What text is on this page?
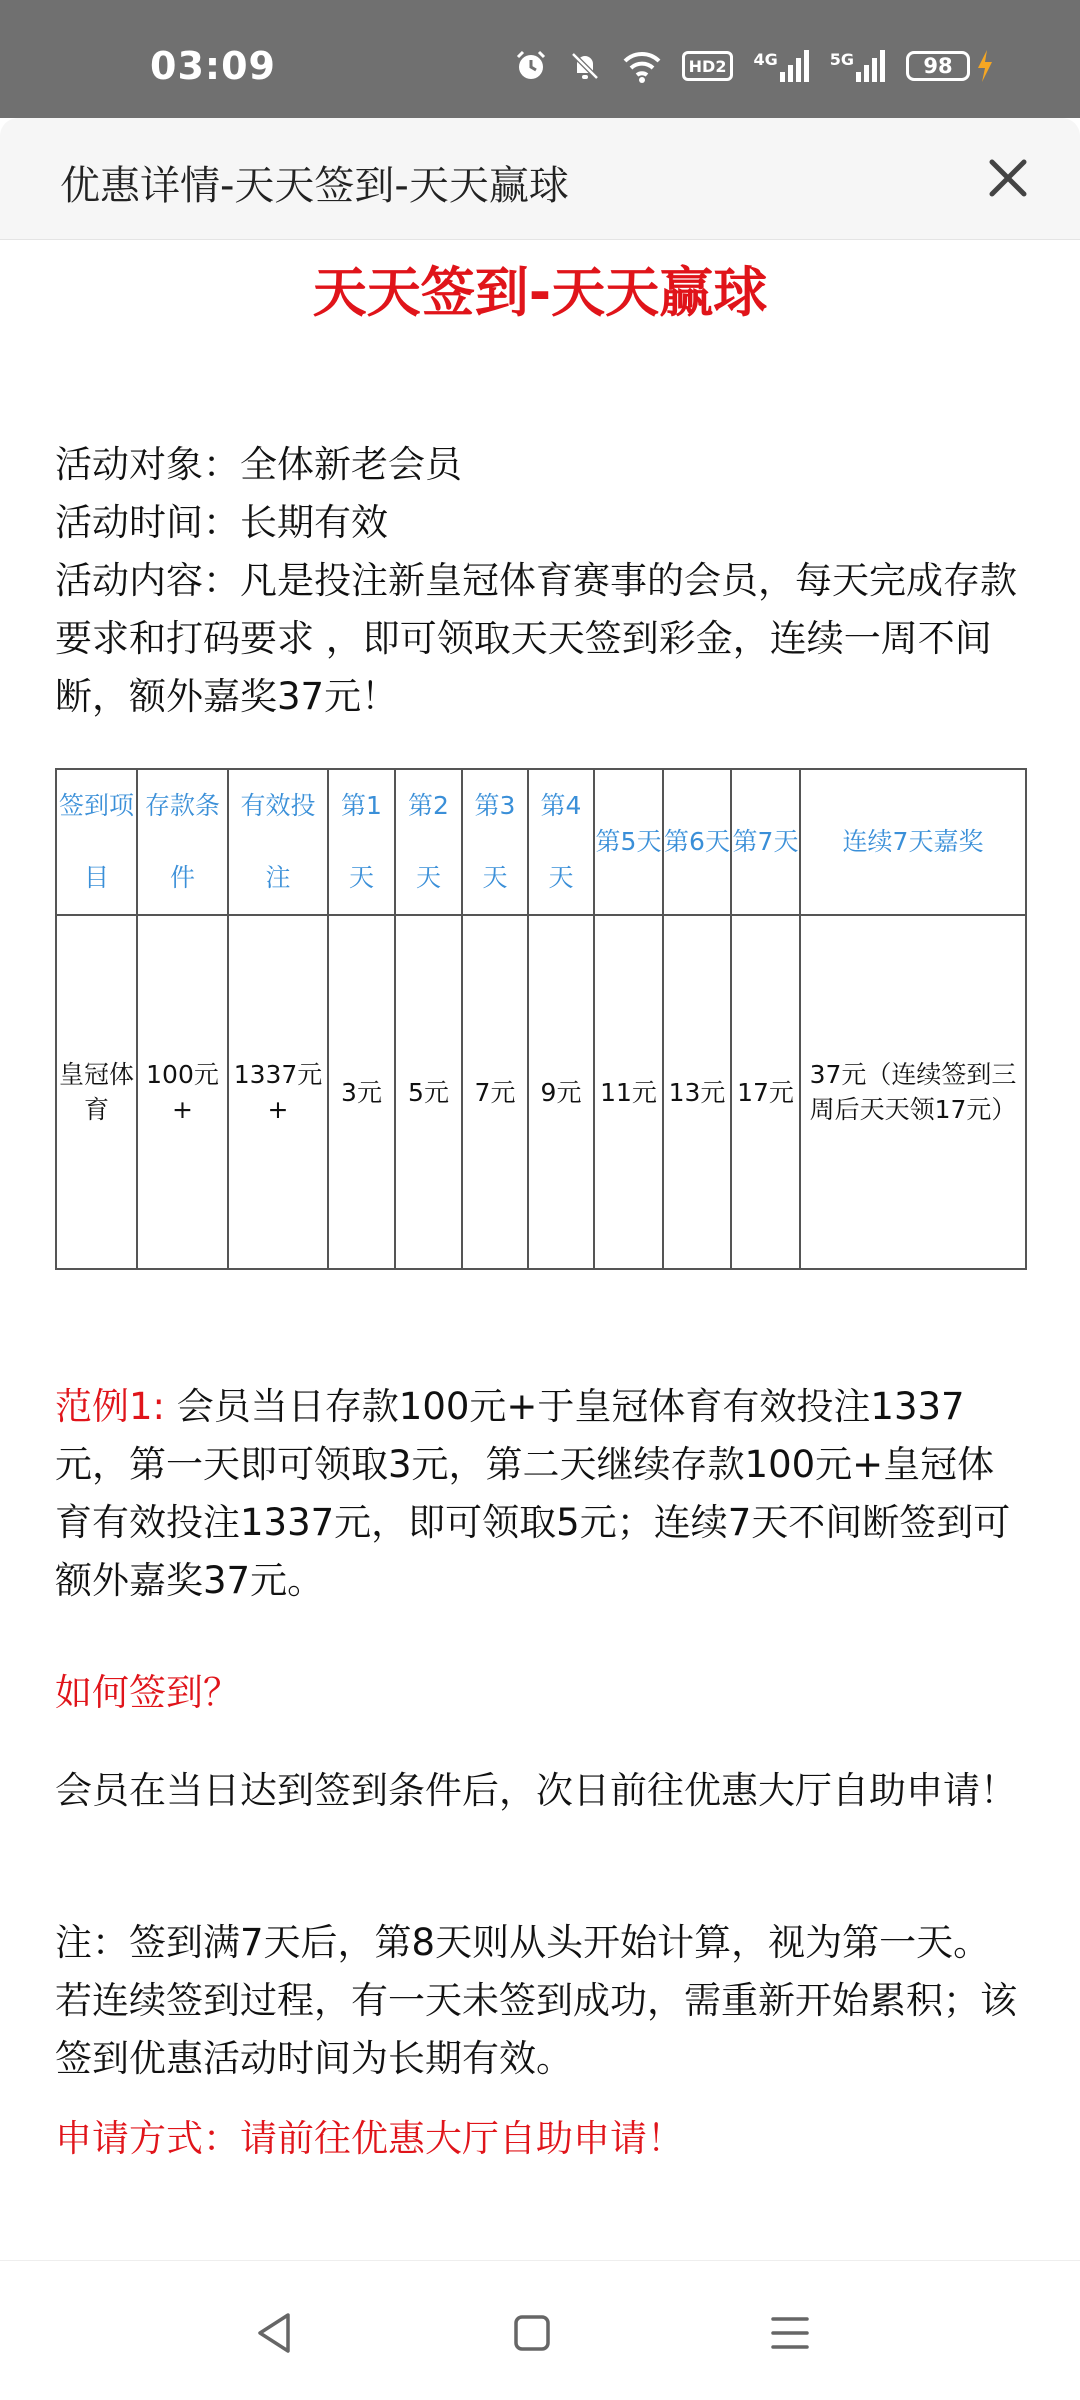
03:09	HD2 4G	5G	98
优惠详情-天天签到-天天赢球
天天签到-天天赢球
活动对象：全体新老会员
活动时间：长期有效
活动内容：凡是投注新皇冠体育赛事的会员，每天完成存款要求和打码要求 ，即可领取天天签到彩金，连续一周不间断，额外嘉奖37元！
签到项目	存款条件	有效投注	第1天	第2天	第3天	第4天	第5天	第6天	第7天	连续7天嘉奖
皇冠体育	100元+	1337元+	3元	5元	7元	9元	11元	13元	17元	37元（连续签到三周后天天领17元）
范例1: 会员当日存款100元+于皇冠体育有效投注1337元，第一天即可领取3元，第二天继续存款100元+皇冠体育有效投注1337元，即可领取5元；连续7天不间断签到可额外嘉奖37元。
如何签到？
会员在当日达到签到条件后，次日前往优惠大厅自助申请！
注：签到满7天后，第8天则从头开始计算，视为第一天。若连续签到过程，有一天未签到成功，需重新开始累积；该签到优惠活动时间为长期有效。
申请方式：请前往优惠大厅自助申请！
